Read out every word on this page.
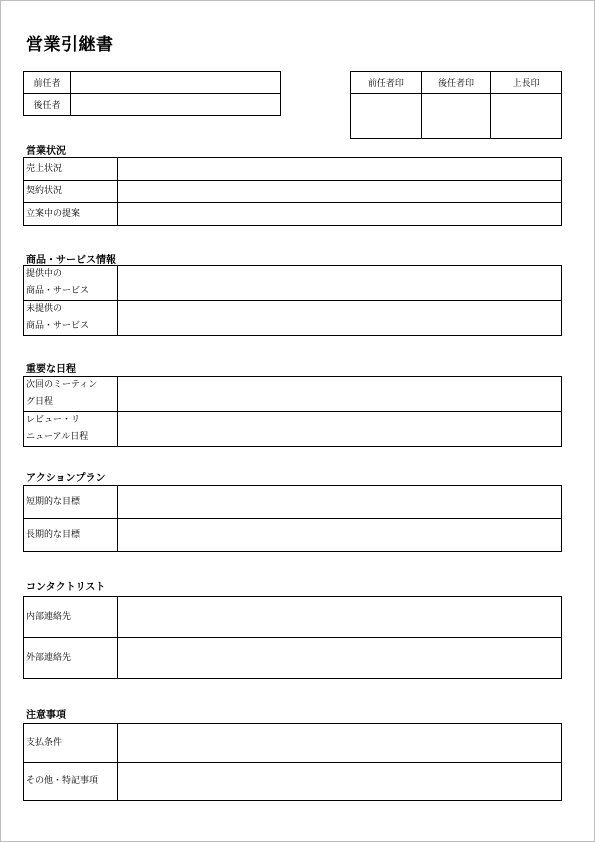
営業引継書
前任者	
後任者	
前任者印	後任者印	上長印

営業状況
売上状況	
契約状況	
立案中の提案	
商品・サービス情報
提供中の
商品・サービス	

未提供の
商品・サービス	

重要な日程
次回のミーティン
グ日程	

レビュー・リ
ニューアル日程	

アクションプラン
短期的な目標	
長期的な目標	
コンタクトリスト
内部連絡先	
外部連絡先	
注意事項
支払条件	
その他・特記事項	
